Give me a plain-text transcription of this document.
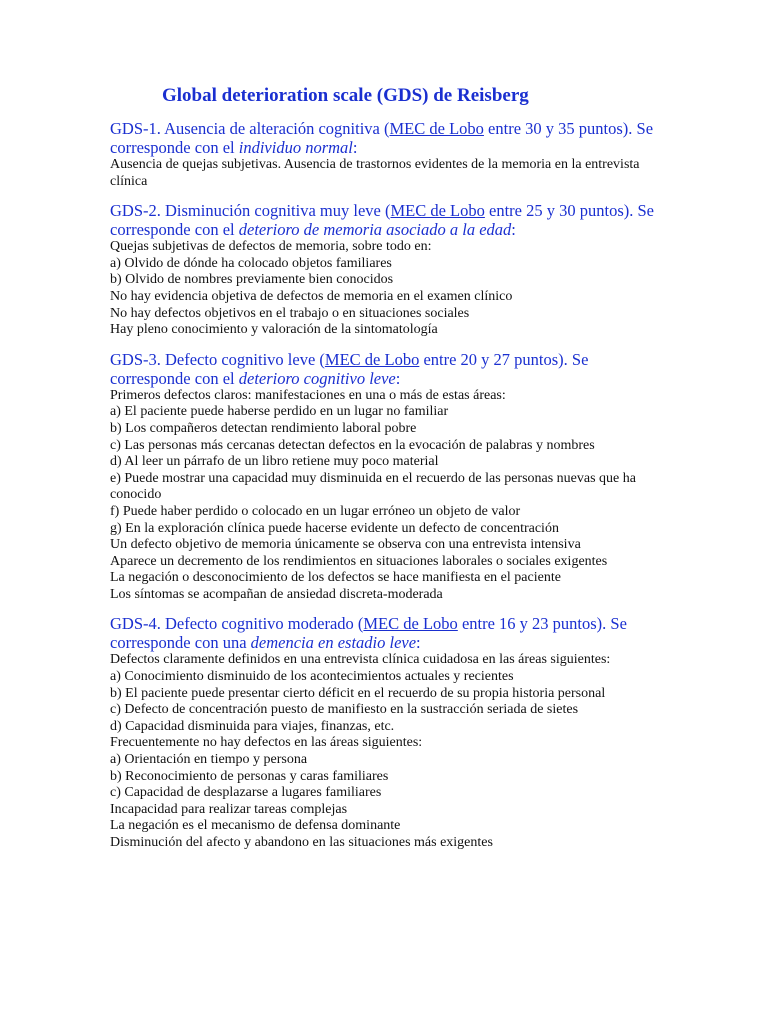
Global deterioration scale (GDS) de Reisberg

GDS-1. Ausencia de alteración cognitiva (MEC de Lobo entre 30 y 35 puntos). Se corresponde con el individuo normal:

Ausencia de quejas subjetivas. Ausencia de trastornos evidentes de la memoria en la entrevista clínica

GDS-2. Disminución cognitiva muy leve (MEC de Lobo entre 25 y 30 puntos). Se corresponde con el deterioro de memoria asociado a la edad:

Quejas subjetivas de defectos de memoria, sobre todo en:
a) Olvido de dónde ha colocado objetos familiares
b) Olvido de nombres previamente bien conocidos
No hay evidencia objetiva de defectos de memoria en el examen clínico
No hay defectos objetivos en el trabajo o en situaciones sociales
Hay pleno conocimiento y valoración de la sintomatología

GDS-3. Defecto cognitivo leve (MEC de Lobo entre 20 y 27 puntos). Se corresponde con el deterioro cognitivo leve:

Primeros defectos claros: manifestaciones en una o más de estas áreas:
a) El paciente puede haberse perdido en un lugar no familiar
b) Los compañeros detectan rendimiento laboral pobre
c) Las personas más cercanas detectan defectos en la evocación de palabras y nombres
d) Al leer un párrafo de un libro retiene muy poco material
e) Puede mostrar una capacidad muy disminuida en el recuerdo de las personas nuevas que ha conocido
f) Puede haber perdido o colocado en un lugar erróneo un objeto de valor
g) En la exploración clínica puede hacerse evidente un defecto de concentración
Un defecto objetivo de memoria únicamente se observa con una entrevista intensiva
Aparece un decremento de los rendimientos en situaciones laborales o sociales exigentes
La negación o desconocimiento de los defectos se hace manifiesta en el paciente
Los síntomas se acompañan de ansiedad discreta-moderada

GDS-4. Defecto cognitivo moderado (MEC de Lobo entre 16 y 23 puntos). Se corresponde con una demencia en estadio leve:

Defectos claramente definidos en una entrevista clínica cuidadosa en las áreas siguientes:
a) Conocimiento disminuido de los acontecimientos actuales y recientes
b) El paciente puede presentar cierto déficit en el recuerdo de su propia historia personal
c) Defecto de concentración puesto de manifiesto en la sustracción seriada de sietes
d) Capacidad disminuida para viajes, finanzas, etc.
Frecuentemente no hay defectos en las áreas siguientes:
a) Orientación en tiempo y persona
b) Reconocimiento de personas y caras familiares
c) Capacidad de desplazarse a lugares familiares
Incapacidad para realizar tareas complejas
La negación es el mecanismo de defensa dominante
Disminución del afecto y abandono en las situaciones más exigentes
